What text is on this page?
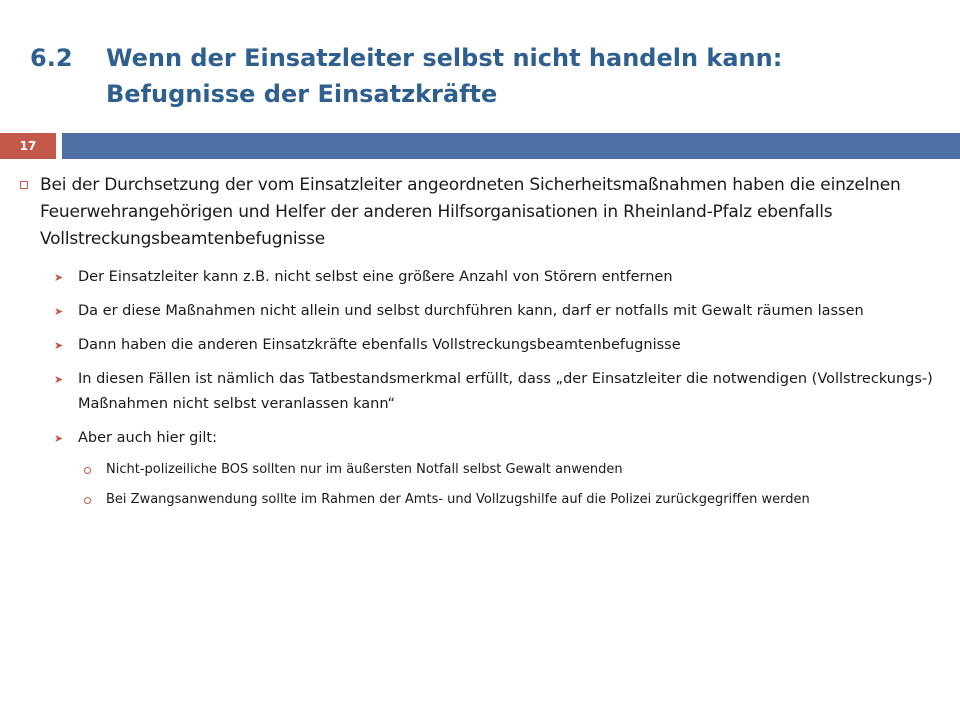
6.2 Wenn der Einsatzleiter selbst nicht handeln kann:
Befugnisse der Einsatzkräfte
17
Bei der Durchsetzung der vom Einsatzleiter angeordneten Sicherheitsmaßnahmen haben die einzelnen Feuerwehrangehörigen und Helfer der anderen Hilfsorganisationen in Rheinland-Pfalz ebenfalls Vollstreckungsbeamtenbefugnisse
➤ Der Einsatzleiter kann z.B. nicht selbst eine größere Anzahl von Störern entfernen
➤ Da er diese Maßnahmen nicht allein und selbst durchführen kann, darf er notfalls mit Gewalt räumen lassen
➤ Dann haben die anderen Einsatzkräfte ebenfalls Vollstreckungsbeamtenbefugnisse
➤ In diesen Fällen ist nämlich das Tatbestandsmerkmal erfüllt, dass „der Einsatzleiter die notwendigen (Vollstreckungs-) Maßnahmen nicht selbst veranlassen kann“
➤ Aber auch hier gilt:
Nicht-polizeiliche BOS sollten nur im äußersten Notfall selbst Gewalt anwenden
Bei Zwangsanwendung sollte im Rahmen der Amts- und Vollzugshilfe auf die Polizei zurückgegriffen werden
